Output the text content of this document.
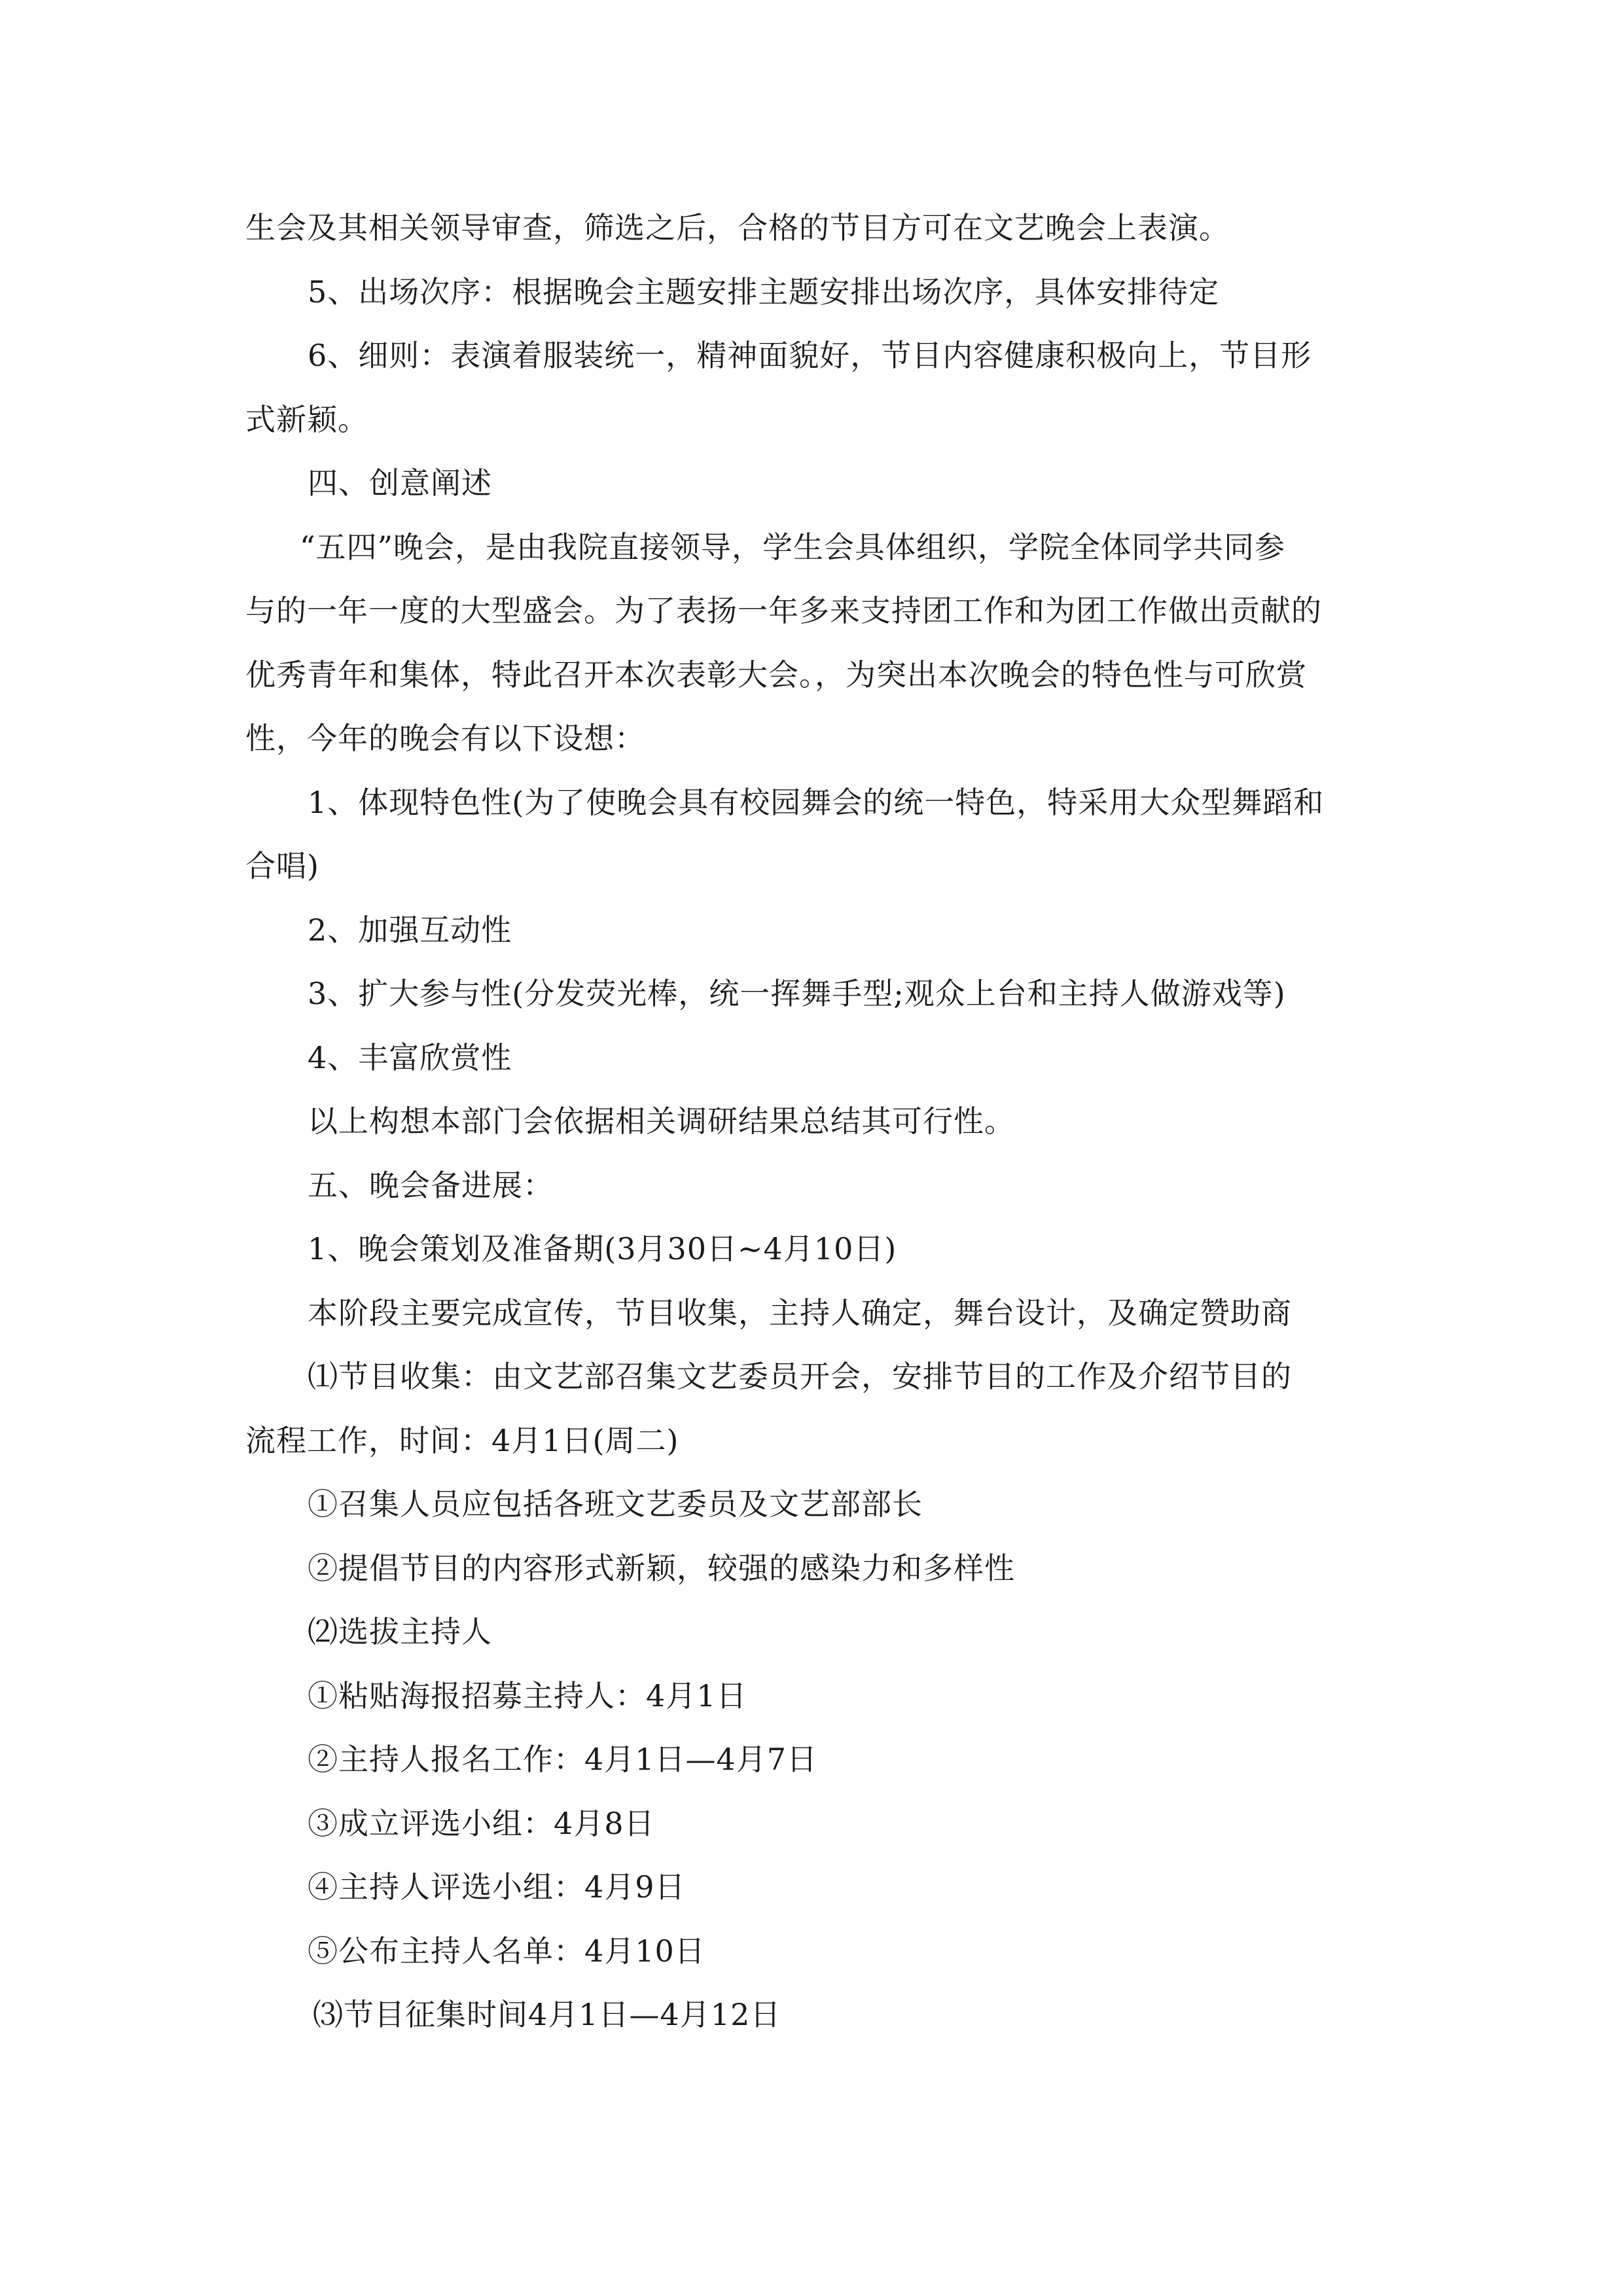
生会及其相关领导审查，筛选之后，合格的节目方可在文艺晚会上表演。
5、出场次序：根据晚会主题安排主题安排出场次序，具体安排待定
6、细则：表演着服装统一，精神面貌好，节目内容健康积极向上，节目形
式新颖。
四、创意阐述
“五四”晚会，是由我院直接领导，学生会具体组织，学院全体同学共同参
与的一年一度的大型盛会。为了表扬一年多来支持团工作和为团工作做出贡献的
优秀青年和集体，特此召开本次表彰大会。，为突出本次晚会的特色性与可欣赏
性，今年的晚会有以下设想：
1、体现特色性(为了使晚会具有校园舞会的统一特色，特采用大众型舞蹈和
合唱)
2、加强互动性
3、扩大参与性(分发荧光棒，统一挥舞手型;观众上台和主持人做游戏等)
4、丰富欣赏性
以上构想本部门会依据相关调研结果总结其可行性。
五、晚会备进展：
1、晚会策划及准备期(3月30日~4月10日)
本阶段主要完成宣传，节目收集，主持人确定，舞台设计，及确定赞助商
⑴节目收集：由文艺部召集文艺委员开会，安排节目的工作及介绍节目的
流程工作，时间：4月1日(周二)
①召集人员应包括各班文艺委员及文艺部部长
②提倡节目的内容形式新颖，较强的感染力和多样性
⑵选拔主持人
①粘贴海报招募主持人：4月1日
②主持人报名工作：4月1日—4月7日
③成立评选小组：4月8日
④主持人评选小组：4月9日
⑤公布主持人名单：4月10日
⑶节目征集时间4月1日—4月12日
